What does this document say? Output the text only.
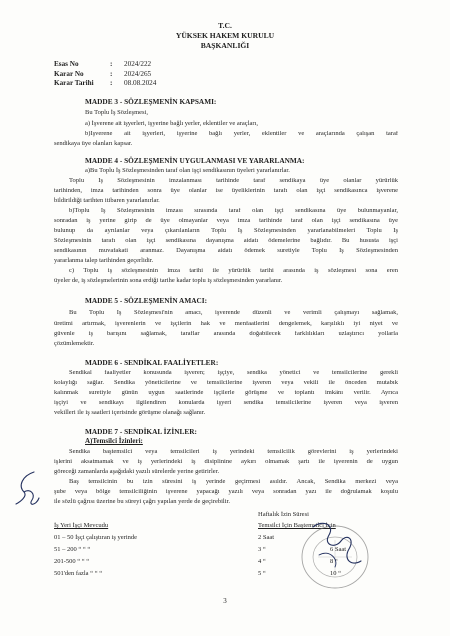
T.C.
YÜKSEK HAKEM KURULU
BAŞKANLIĞI
Esas No	: 2024/222
Karar No	: 2024/265
Karar Tarihi : 08.08.2024
MADDE 3 - SÖZLEŞMENİN KAPSAMI:
Bu Toplu İş Sözleşmesi,
a) İşverene ait işyerleri, işyerine bağlı yerler, eklentiler ve araçları,
b)İşverene ait işyerleri, işyerine bağlı yerler, eklentiler ve araçlarında çalışan taraf
sendikaya üye olanları kapsar.
MADDE 4 - SÖZLEŞMENİN UYGULANMASI VE YARARLANMA:
a)Bu Toplu İş Sözleşmesinden taraf olan işçi sendikasının üyeleri yararlanırlar.
Toplu İş Sözleşmesinin imzalanması tarihinde taraf sendikaya üye olanlar yürürlük
tarihinden, imza tarihinden sonra üye olanlar ise üyeliklerinin tarafı olan işçi sendikasınca işverene
bildirildiği tarihten itibaren yararlanırlar.
b)Toplu İş Sözleşmesinin imzası sırasında taraf olan işçi sendikasına üye bulunmayanlar,
sonradan iş yerine girip de üye olmayanlar veya imza tarihinde taraf olan işçi sendikasına üye
bulunup da ayrılanlar veya çıkarılanların Toplu İş Sözleşmesinden yararlanabilmeleri Toplu İş
Sözleşmesinin tarafı olan işçi sendikasına dayanışma aidatı ödemelerine bağlıdır. Bu hususta işçi
sendikasının muvafakati aranmaz. Dayanışma aidatı ödemek suretiyle Toplu İş Sözleşmesinden
yararlanma talep tarihinden geçerlidir.
c) Toplu iş sözleşmesinin imza tarihi ile yürürlük tarihi arasında iş sözleşmesi sona eren
üyeler de, iş sözleşmelerinin sona erdiği tarihe kadar toplu iş sözleşmesinden yararlanır.
MADDE 5 - SÖZLEŞMENİN AMACI:
Bu Toplu İş Sözleşmesi'nin amacı, işverende düzenli ve verimli çalışmayı sağlamak,
üretimi artırmak, işverenlerin ve işçilerin hak ve menfaatlerini dengelemek, karşılıklı iyi niyet ve
güvenle iş barışını sağlamak, taraflar arasında doğabilecek farklılıkları uzlaştırıcı yollarla
çözümlemektir.
MADDE 6 - SENDİKAL FAALİYETLER:
Sendikal faaliyetler konusunda işveren; işçiye, sendika yönetici ve temsilcilerine gerekli
kolaylığı sağlar. Sendika yöneticilerine ve temsilcilerine işveren veya vekili ile önceden mutabık
kalınmak suretiyle günün uygun saatlerinde işçilerle görüşme ve toplantı imkânı verilir. Ayrıca
işçiyi ve sendikayı ilgilendiren konularda işyeri sendika temsilcilerine işveren veya işveren
vekilleri ile iş saatleri içerisinde görüşme olanağı sağlanır.
MADDE 7 - SENDİKAL İZİNLER:
A)Temsilci İzinleri:
Sendika baştemsilci veya temsilcileri iş yerindeki temsilcilik görevlerini iş yerlerindeki
işlerini aksatmamak ve iş yerlerindeki iş disiplinine aykırı olmamak şartı ile işverenin de uygun
göreceği zamanlarda aşağıdaki yazılı sürelerde yerine getirirler.
Baş temsilcinin bu izin süresini iş yerinde geçirmesi asıldır. Ancak, Sendika merkezi veya
şube veya bölge temsilciliğinin işverene yapacağı yazılı veya sonradan yazı ile doğrulamak koşulu
ile sözlü çağrısı üzerine bu süreyi çağrı yapılan yerde de geçirebilir.
Haftalık İzin Süresi
İş Yeri İşçi Mevcudu	Temsilci İçin Baştemsilci İçin
01 – 50 İşçi çalıştıran iş yerinde	2 Saat
51 – 200 “ “ “	3 “	6 Saat
201-500 “ “ “	4 “	8 “
501'den fazla “ “ “	5 “	10 “
3
